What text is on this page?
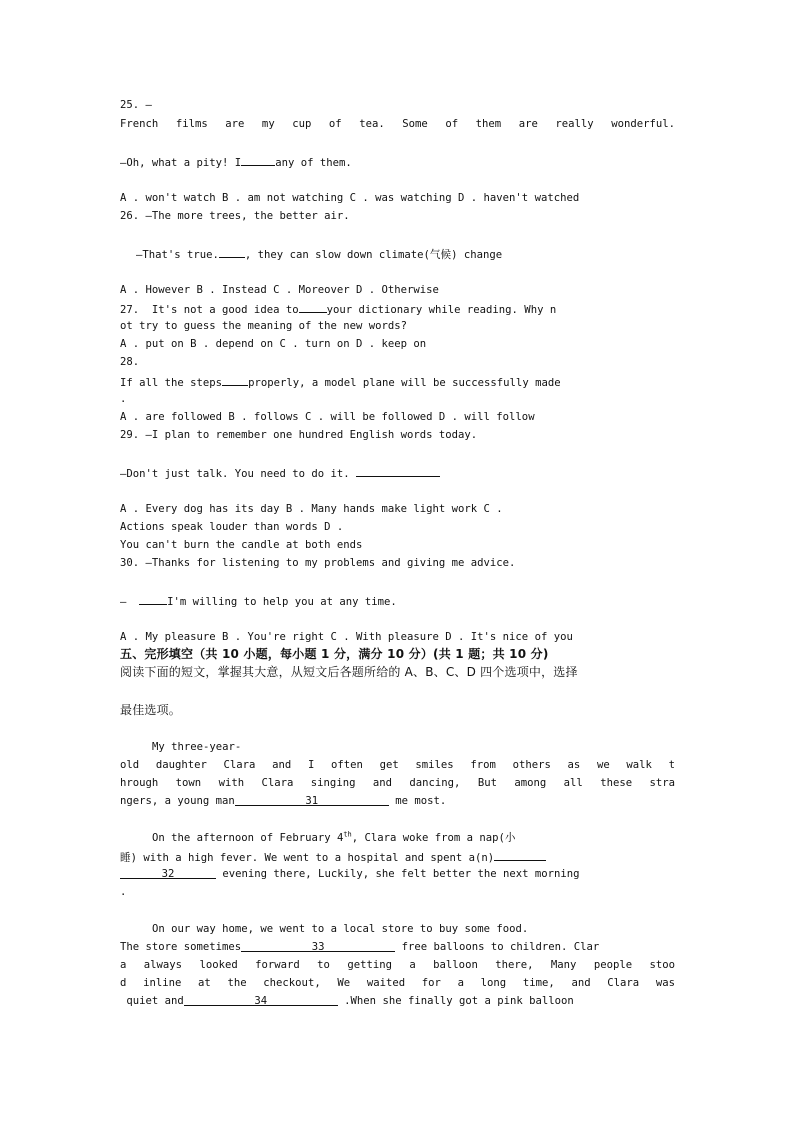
25. —

French films are my cup of tea. Some of them are really wonderful.

—Oh, what a pity! I	any of them.

A . won't watch B . am not watching C . was watching D . haven't watched

26. —The more trees, the better air.

—That's true. , they can slow down climate(气候) change

A . However B . Instead C . Moreover D . Otherwise

27.  It's not a good idea to	your dictionary while reading. Why n

ot try to guess the meaning of the new words?

A . put on B . depend on C . turn on D . keep on

28.

If all the steps properly, a model plane will be successfully made

.

A . are followed B . follows C . will be followed D . will follow

29. —I plan to remember one hundred English words today.

—Don't just talk. You need to do it.

A . Every dog has its day B . Many hands make light work C .

Actions speak louder than words D .

You can't burn the candle at both ends

30. —Thanks for listening to my problems and giving me advice.

—	I'm willing to help you at any time.

A . My pleasure B . You're right C . With pleasure D . It's nice of you

五、完形填空（共 10 小题，每小题 1 分，满分 10 分）(共 1 题；共 10 分)

阅读下面的短文，掌握其大意，从短文后各题所给的 A、B、C、D 四个选项中，选择

最佳选项。

My three-year-

old daughter Clara and I often get smiles from others as we walk t

hrough town with Clara singing and dancing, But among all these stra

ngers, a young man	31	me most.

On the afternoon of February 4th, Clara woke from a nap(小

睡) with a high fever. We went to a hospital and spent a(n)

32	evening there, Luckily, she felt better the next morning

.

On our way home, we went to a local store to buy some food.

The store sometimes	33	free balloons to children. Clar

a always looked forward to getting a balloon there, Many people stoo

d inline at the checkout, We waited for a long time, and Clara was

quiet and	34	.When she finally got a pink balloon
